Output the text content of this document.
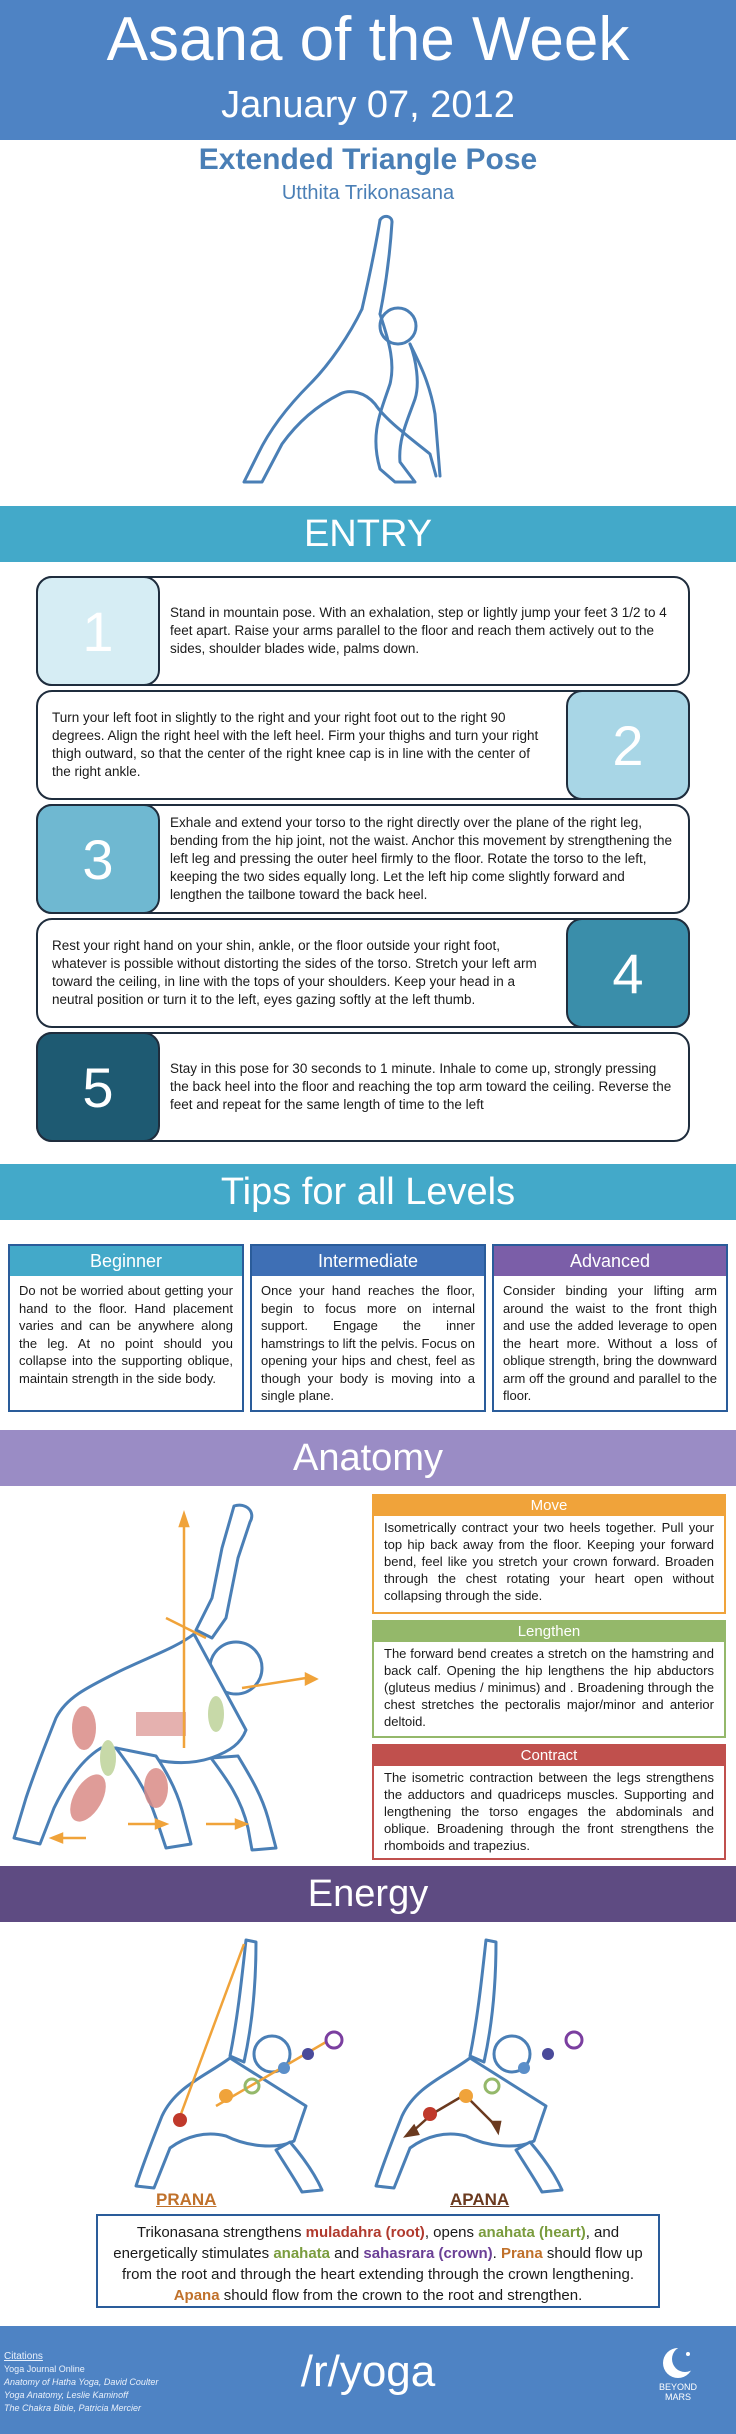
Asana of the Week
January 07, 2012
Extended Triangle Pose
Utthita Trikonasana
ENTRY
1	Stand in mountain pose. With an exhalation, step or lightly jump your feet 3 1/2 to 4 feet apart. Raise your arms parallel to the floor and reach them actively out to the sides, shoulder blades wide, palms down.
2
Turn your left foot in slightly to the right and your right foot out to the right 90 degrees. Align the right heel with the left heel. Firm your thighs and turn your right thigh outward, so that the center of the right knee cap is in line with the center of the right ankle.
3
Exhale and extend your torso to the right directly over the plane of the right leg, bending from the hip joint, not the waist. Anchor this movement by strengthening the left leg and pressing the outer heel firmly to the floor. Rotate the torso to the left, keeping the two sides equally long. Let the left hip come slightly forward and lengthen the tailbone toward the back heel.
4
Rest your right hand on your shin, ankle, or the floor outside your right foot, whatever is possible without distorting the sides of the torso. Stretch your left arm toward the ceiling, in line with the tops of your shoulders. Keep your head in a neutral position or turn it to the left, eyes gazing softly at the left thumb.
5	Stay in this pose for 30 seconds to 1 minute. Inhale to come up, strongly pressing the back heel into the floor and reaching the top arm toward the ceiling. Reverse the feet and repeat for the same length of time to the left
Tips for all Levels
Beginner
Do not be worried about getting your hand to the floor. Hand placement varies and can be anywhere along the leg. At no point should you collapse into the supporting oblique, maintain strength in the side body.
Intermediate
Once your hand reaches the floor, begin to focus more on internal support. Engage the inner hamstrings to lift the pelvis. Focus on opening your hips and chest, feel as though your body is moving into a single plane.
Advanced
Consider binding your lifting arm around the waist to the front thigh and use the added leverage to open the heart more. Without a loss of oblique strength, bring the downward arm off the ground and parallel to the floor.
Anatomy
Move
Isometrically contract your two heels together. Pull your top hip back away from the floor. Keeping your forward bend, feel like you stretch your crown forward. Broaden through the chest rotating your heart open without collapsing through the side.
Lengthen
The forward bend creates a stretch on the hamstring and back calf. Opening the hip lengthens the hip abductors (gluteus medius / minimus) and . Broadening through the chest stretches the pectoralis major/minor and anterior deltoid.
Contract
The isometric contraction between the legs strengthens the adductors and quadriceps muscles. Supporting and lengthening the torso engages the abdominals and oblique. Broadening through the front strengthens the rhomboids and trapezius.
Energy
PRANA	APANA
Trikonasana strengthens muladahra (root), opens anahata (heart), and energetically stimulates anahata and sahasrara (crown). Prana should flow up from the root and through the heart extending through the crown lengthening. Apana should flow from the crown to the root and strengthen.
Citations
Yoga Journal Online
Anatomy of Hatha Yoga, David Coulter
Yoga Anatomy, Leslie Kaminoff
The Chakra Bible, Patricia Mercier
/r/yoga	BEYOND MARS
